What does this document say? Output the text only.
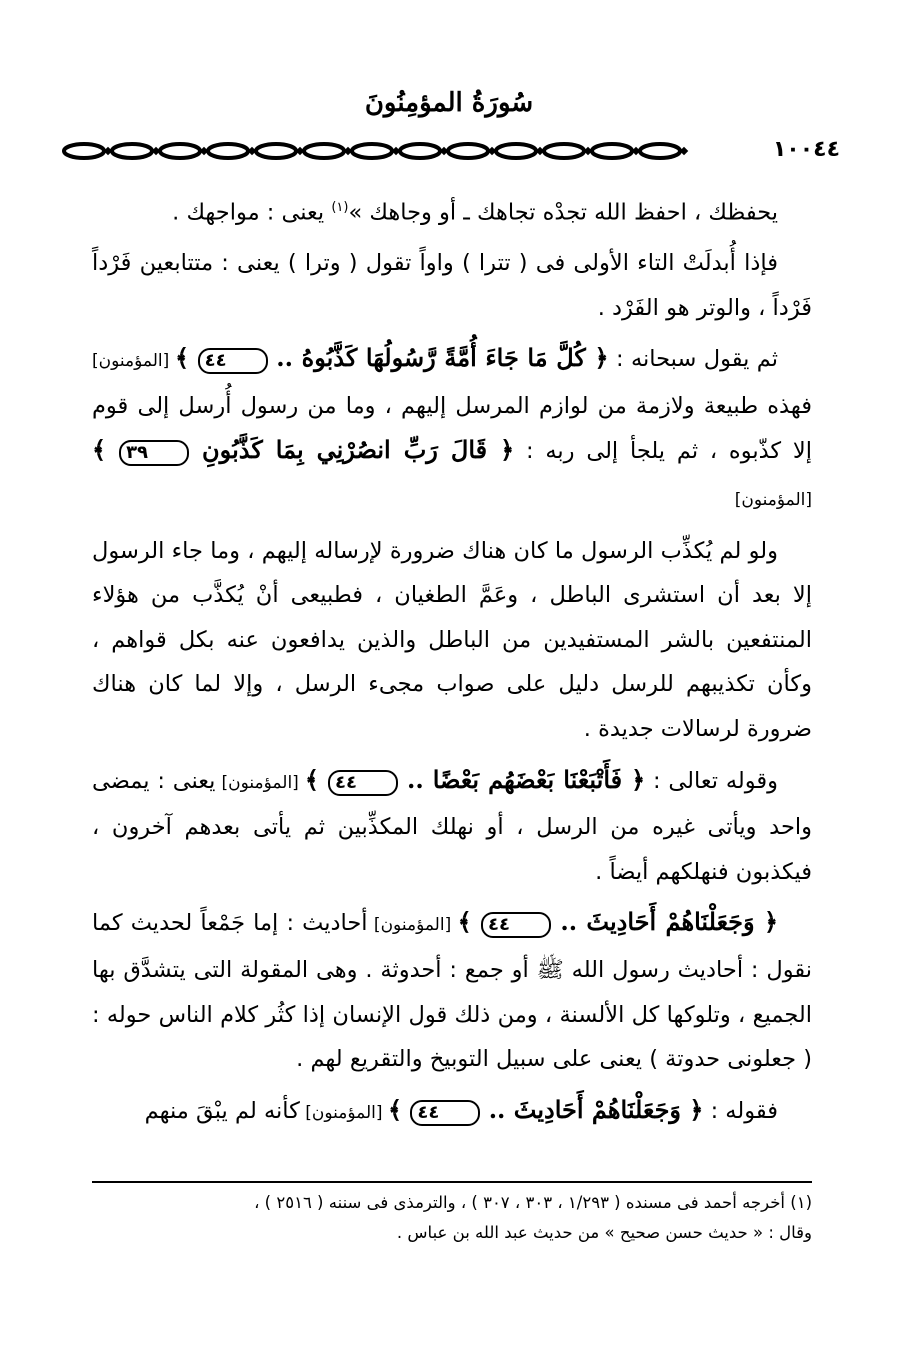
سُورَةُ المؤمِنُونَ
١٠٠٤٤

يحفظك ، احفظ الله تجدْه تجاهك ـ أو وجاهك »$^{(١)}$ يعنى : مواجهك .

فإذا أُبدلَتْ التاء الأولى فى ( تترا ) واواً تقول ( وترا ) يعنى : متتابعين فَرْداً فَرْداً ، والوتر هو الفَرْد .

ثم يقول سبحانه : ﴿ كُلَّ مَا جَاءَ أُمَّةً رَّسُولُهَا كَذَّبُوهُ .. ٤٤ ﴾ [المؤمنون] فهذه طبيعة ولازمة من لوازم المرسل إليهم ، وما من رسول أُرسل إلى قوم إلا كذّبوه ، ثم يلجأ إلى ربه : ﴿ قَالَ رَبِّ انصُرْنِي بِمَا كَذَّبُونِ ٣٩ ﴾ [المؤمنون]

ولو لم يُكذِّب الرسول ما كان هناك ضرورة لإرساله إليهم ، وما جاء الرسول إلا بعد أن استشرى الباطل ، وعَمَّ الطغيان ، فطبيعى أنْ يُكذَّب من هؤلاء المنتفعين بالشر المستفيدين من الباطل والذين يدافعون عنه بكل قواهم ، وكأن تكذيبهم للرسل دليل على صواب مجىء الرسل ، وإلا لما كان هناك ضرورة لرسالات جديدة .

وقوله تعالى : ﴿ فَأَتْبَعْنَا بَعْضَهُم بَعْضًا .. ٤٤ ﴾ [المؤمنون] يعنى : يمضى واحد ويأتى غيره من الرسل ، أو نهلك المكذِّبين ثم يأتى بعدهم آخرون ، فيكذبون فنهلكهم أيضاً .

﴿ وَجَعَلْنَاهُمْ أَحَادِيثَ .. ٤٤ ﴾ [المؤمنون] أحاديث : إما جَمْعاً لحديث كما نقول : أحاديث رسول الله ﷺ أو جمع : أحدوثة . وهى المقولة التى يتشدَّق بها الجميع ، وتلوكها كل الألسنة ، ومن ذلك قول الإنسان إذا كثُر كلام الناس حوله : ( جعلونى حدوتة ) يعنى على سبيل التوبيخ والتقريع لهم .

فقوله : ﴿ وَجَعَلْنَاهُمْ أَحَادِيثَ .. ٤٤ ﴾ [المؤمنون] كأنه لم يبْقَ منهم

(١) أخرجه أحمد فى مسنده ( ١/٢٩٣ ، ٣٠٣ ، ٣٠٧ ) ، والترمذى فى سننه ( ٢٥١٦ ) ،

وقال : « حديث حسن صحيح » من حديث عبد الله بن عباس .
